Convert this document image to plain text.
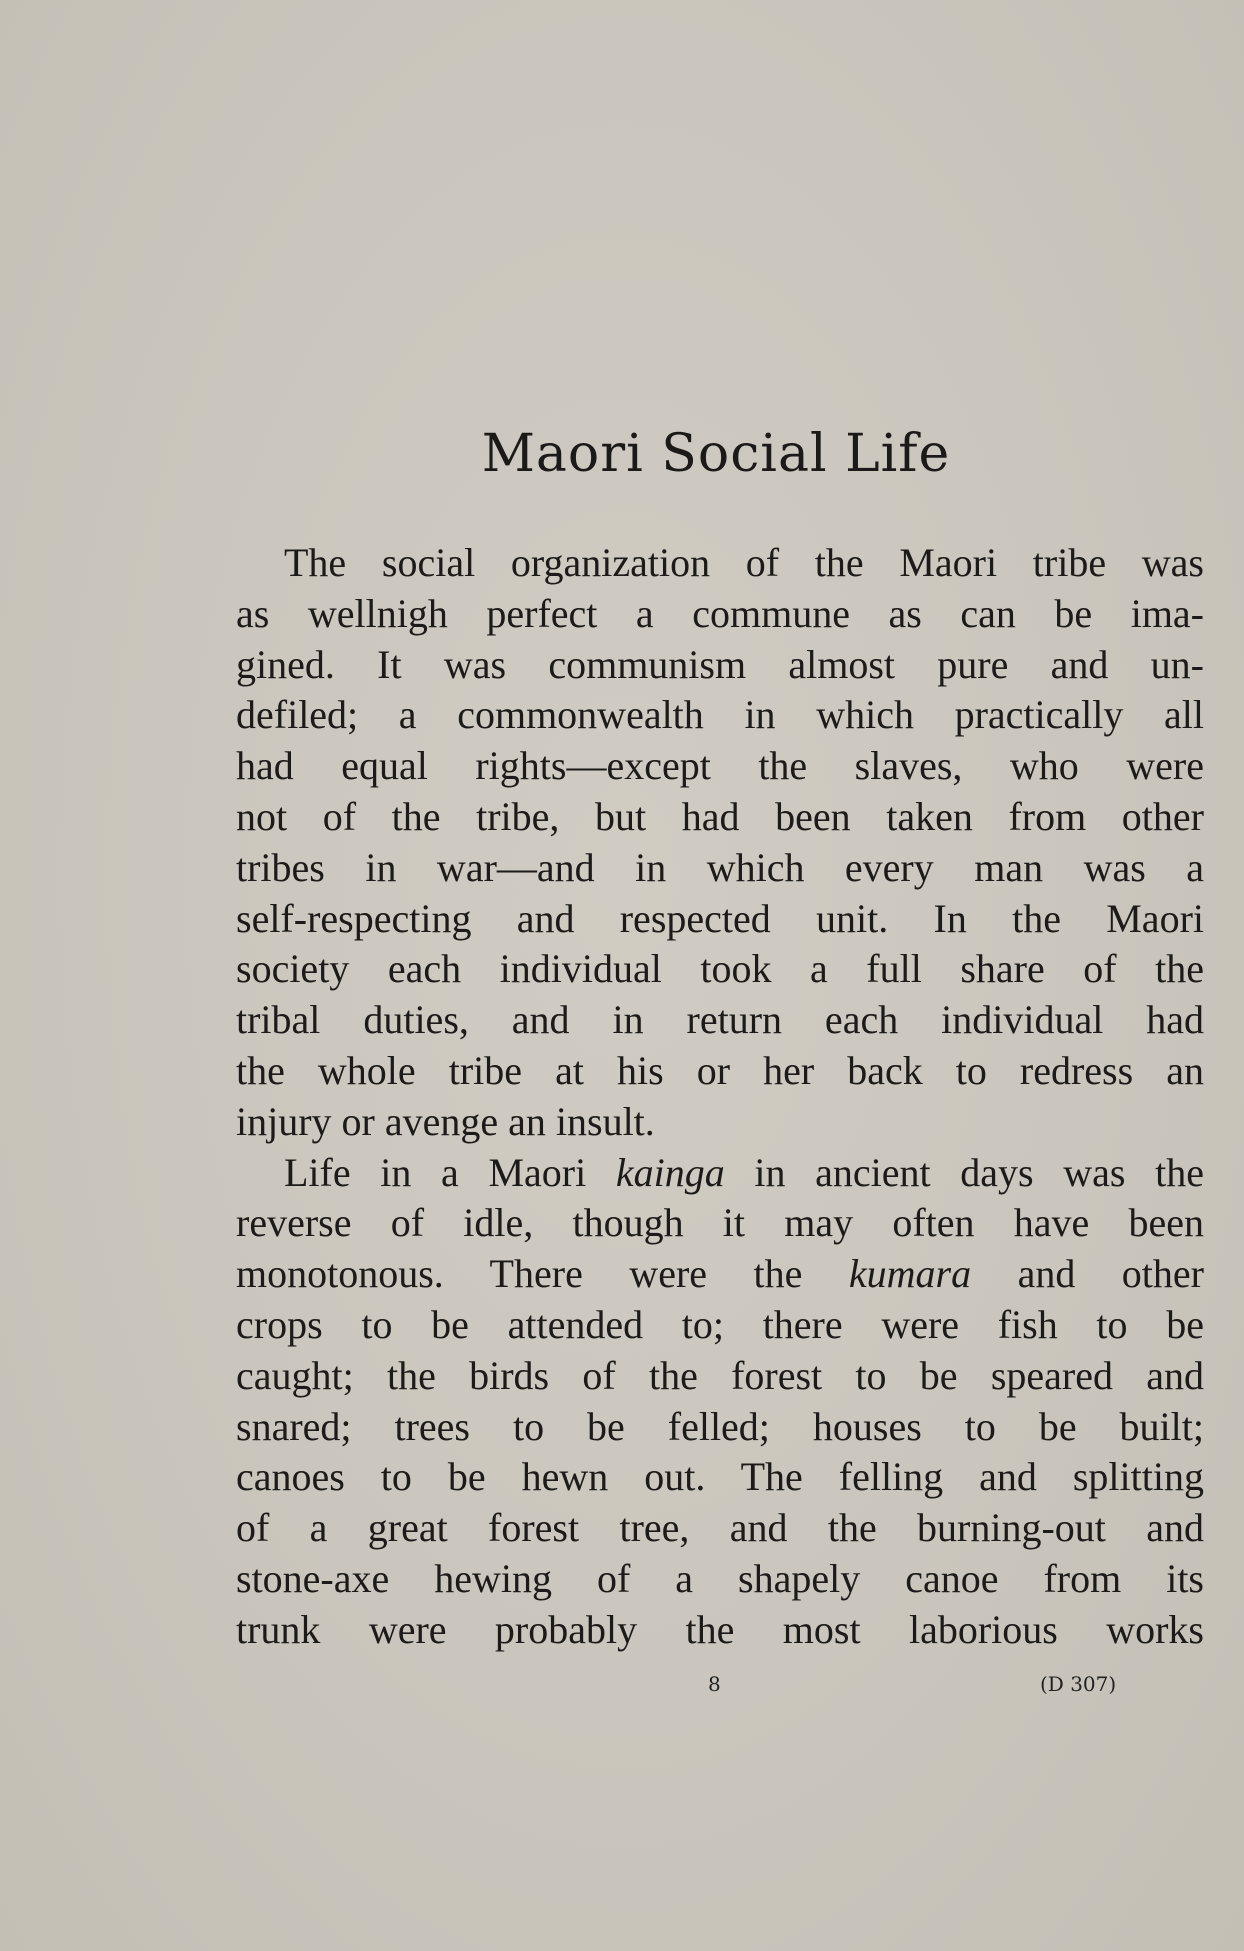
Maori Social Life
The social organization of the Maori tribe was
as wellnigh perfect a commune as can be ima-
gined. It was communism almost pure and un-
defiled; a commonwealth in which practically all
had equal rights—except the slaves, who were
not of the tribe, but had been taken from other
tribes in war—and in which every man was a
self-respecting and respected unit. In the Maori
society each individual took a full share of the
tribal duties, and in return each individual had
the whole tribe at his or her back to redress an
injury or avenge an insult.
Life in a Maori kainga in ancient days was the
reverse of idle, though it may often have been
monotonous. There were the kumara and other
crops to be attended to; there were fish to be
caught; the birds of the forest to be speared and
snared; trees to be felled; houses to be built;
canoes to be hewn out. The felling and splitting
of a great forest tree, and the burning-out and
stone-axe hewing of a shapely canoe from its
trunk were probably the most laborious works
8	(D 307)
